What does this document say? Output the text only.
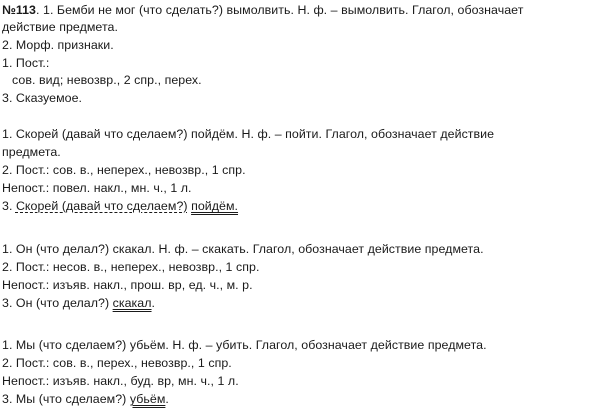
№113. 1. Бемби не мог (что сделать?) вымолвить. Н. ф. – вымолвить. Глагол, обозначает
действие предмета.
2. Морф. признаки.
1. Пост.:
сов. вид; невозвр., 2 спр., перех.
3. Сказуемое.
1. Скорей (давай что сделаем?) пойдём. Н. ф. – пойти. Глагол, обозначает действие
предмета.
2. Пост.: сов. в., неперех., невозвр., 1 спр.
Непост.: повел. накл., мн. ч., 1 л.
3. Скорей (давай что сделаем?) пойдём.
1. Он (что делал?) скакал. Н. ф. – скакать. Глагол, обозначает действие предмета.
2. Пост.: несов. в., неперех., невозвр., 1 спр.
Непост.: изъяв. накл., прош. вр, ед. ч., м. р.
3. Он (что делал?) скакал.
1. Мы (что сделаем?) убьём. Н. ф. – убить. Глагол, обозначает действие предмета.
2. Пост.: сов. в., перех., невозвр., 1 спр.
Непост.: изъяв. накл., буд. вр, мн. ч., 1 л.
3. Мы (что сделаем?) убьём.
